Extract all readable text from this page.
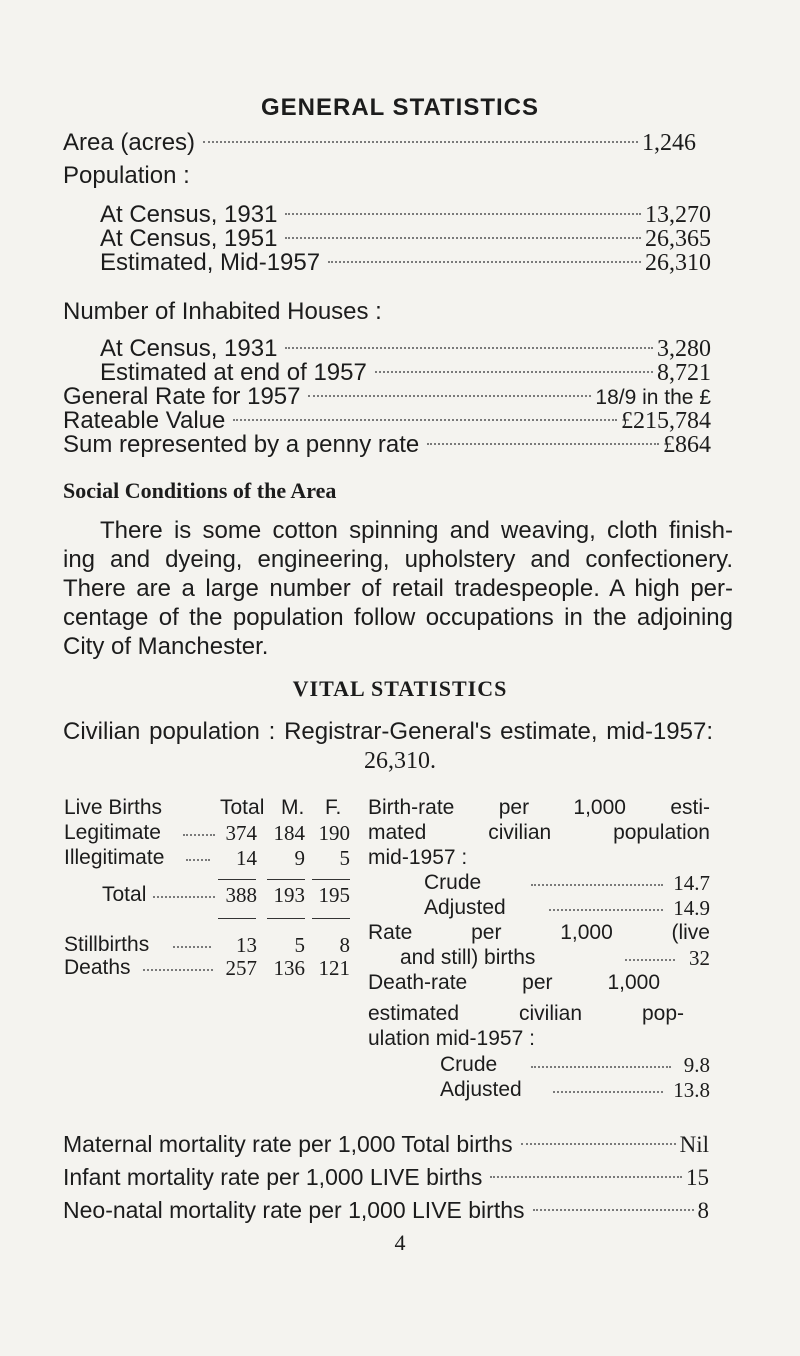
GENERAL STATISTICS
Area (acres)	1,246
Population :
At Census, 1931	13,270
At Census, 1951	26,365
Estimated, Mid-1957	26,310
Number of Inhabited Houses :
At Census, 1931	3,280
Estimated at end of 1957	8,721
General Rate for 1957	18/9 in the £
Rateable Value	£215,784
Sum represented by a penny rate	£864
Social Conditions of the Area
There is some cotton spinning and weaving, cloth finish-
ing and dyeing, engineering, upholstery and confectionery.
There are a large number of retail tradespeople. A high per-
centage of the population follow occupations in the adjoining
City of Manchester.
VITAL STATISTICS
Civilian population : Registrar-General's estimate, mid-1957:
26,310.
Live Births	Total M. F.
Legitimate	374 184 190
Illegitimate	14	9	5
Total	388 193 195
Stillbirths	13	5	8
Deaths	257 136 121
Birth-rate per 1,000 esti-
mated civilian population
mid-1957 :
Crude	14.7
Adjusted	14.9
Rate per 1,000 (live
and still) births	32
Death-rate per 1,000
estimated civilian pop-
ulation mid-1957 :
Crude	9.8
Adjusted	13.8
Maternal mortality rate per 1,000 Total births	Nil
Infant mortality rate per 1,000 LIVE births	15
Neo-natal mortality rate per 1,000 LIVE births	8
4
